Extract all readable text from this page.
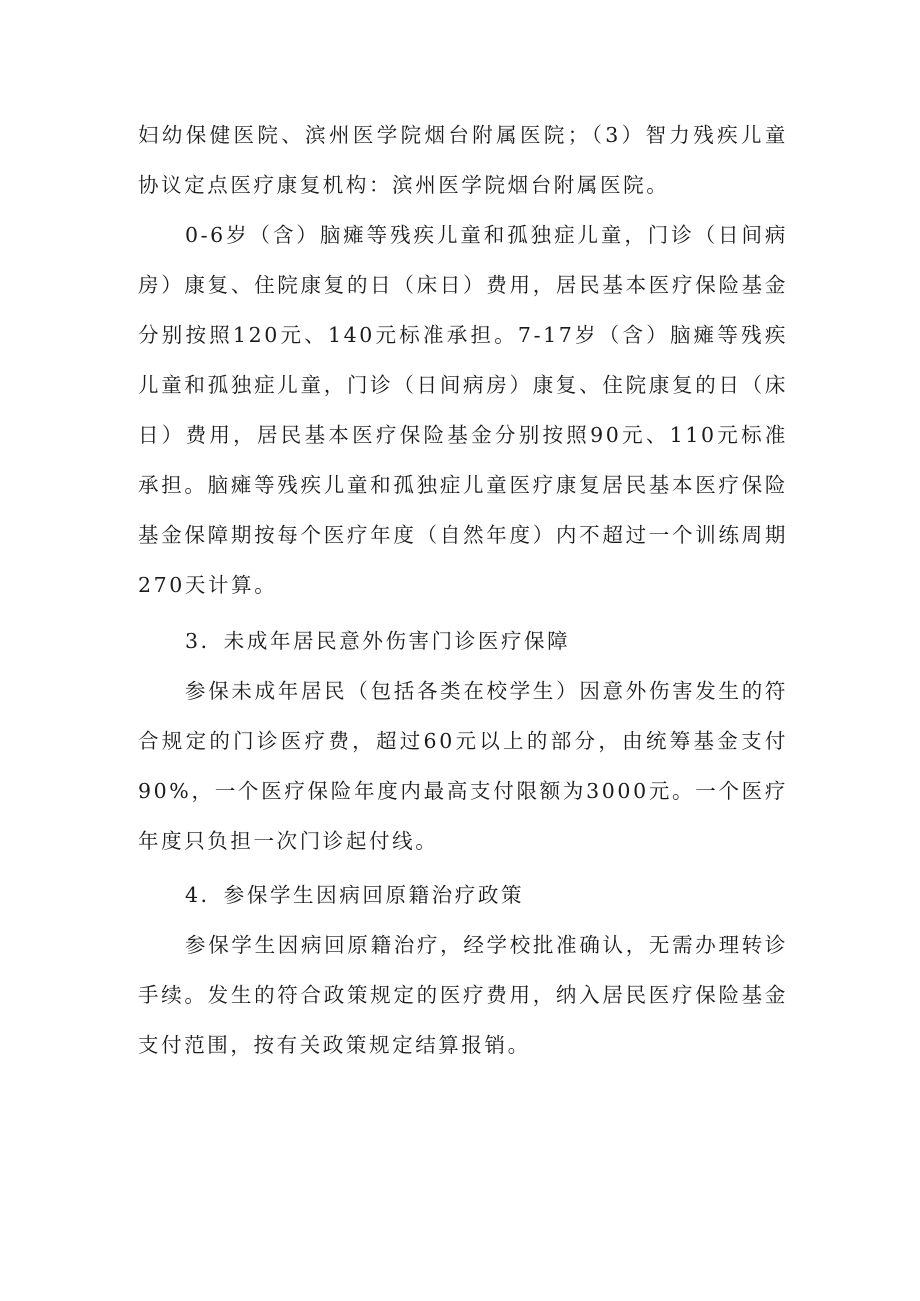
妇幼保健医院、滨州医学院烟台附属医院；（3）智力残疾儿童协议定点医疗康复机构：滨州医学院烟台附属医院。

0-6岁（含）脑瘫等残疾儿童和孤独症儿童，门诊（日间病房）康复、住院康复的日（床日）费用，居民基本医疗保险基金分别按照120元、140元标准承担。7-17岁（含）脑瘫等残疾儿童和孤独症儿童，门诊（日间病房）康复、住院康复的日（床日）费用，居民基本医疗保险基金分别按照90元、110元标准承担。脑瘫等残疾儿童和孤独症儿童医疗康复居民基本医疗保险基金保障期按每个医疗年度（自然年度）内不超过一个训练周期270天计算。

3．未成年居民意外伤害门诊医疗保障

参保未成年居民（包括各类在校学生）因意外伤害发生的符合规定的门诊医疗费，超过60元以上的部分，由统筹基金支付90%，一个医疗保险年度内最高支付限额为3000元。一个医疗年度只负担一次门诊起付线。

4．参保学生因病回原籍治疗政策

参保学生因病回原籍治疗，经学校批准确认，无需办理转诊手续。发生的符合政策规定的医疗费用，纳入居民医疗保险基金支付范围，按有关政策规定结算报销。
